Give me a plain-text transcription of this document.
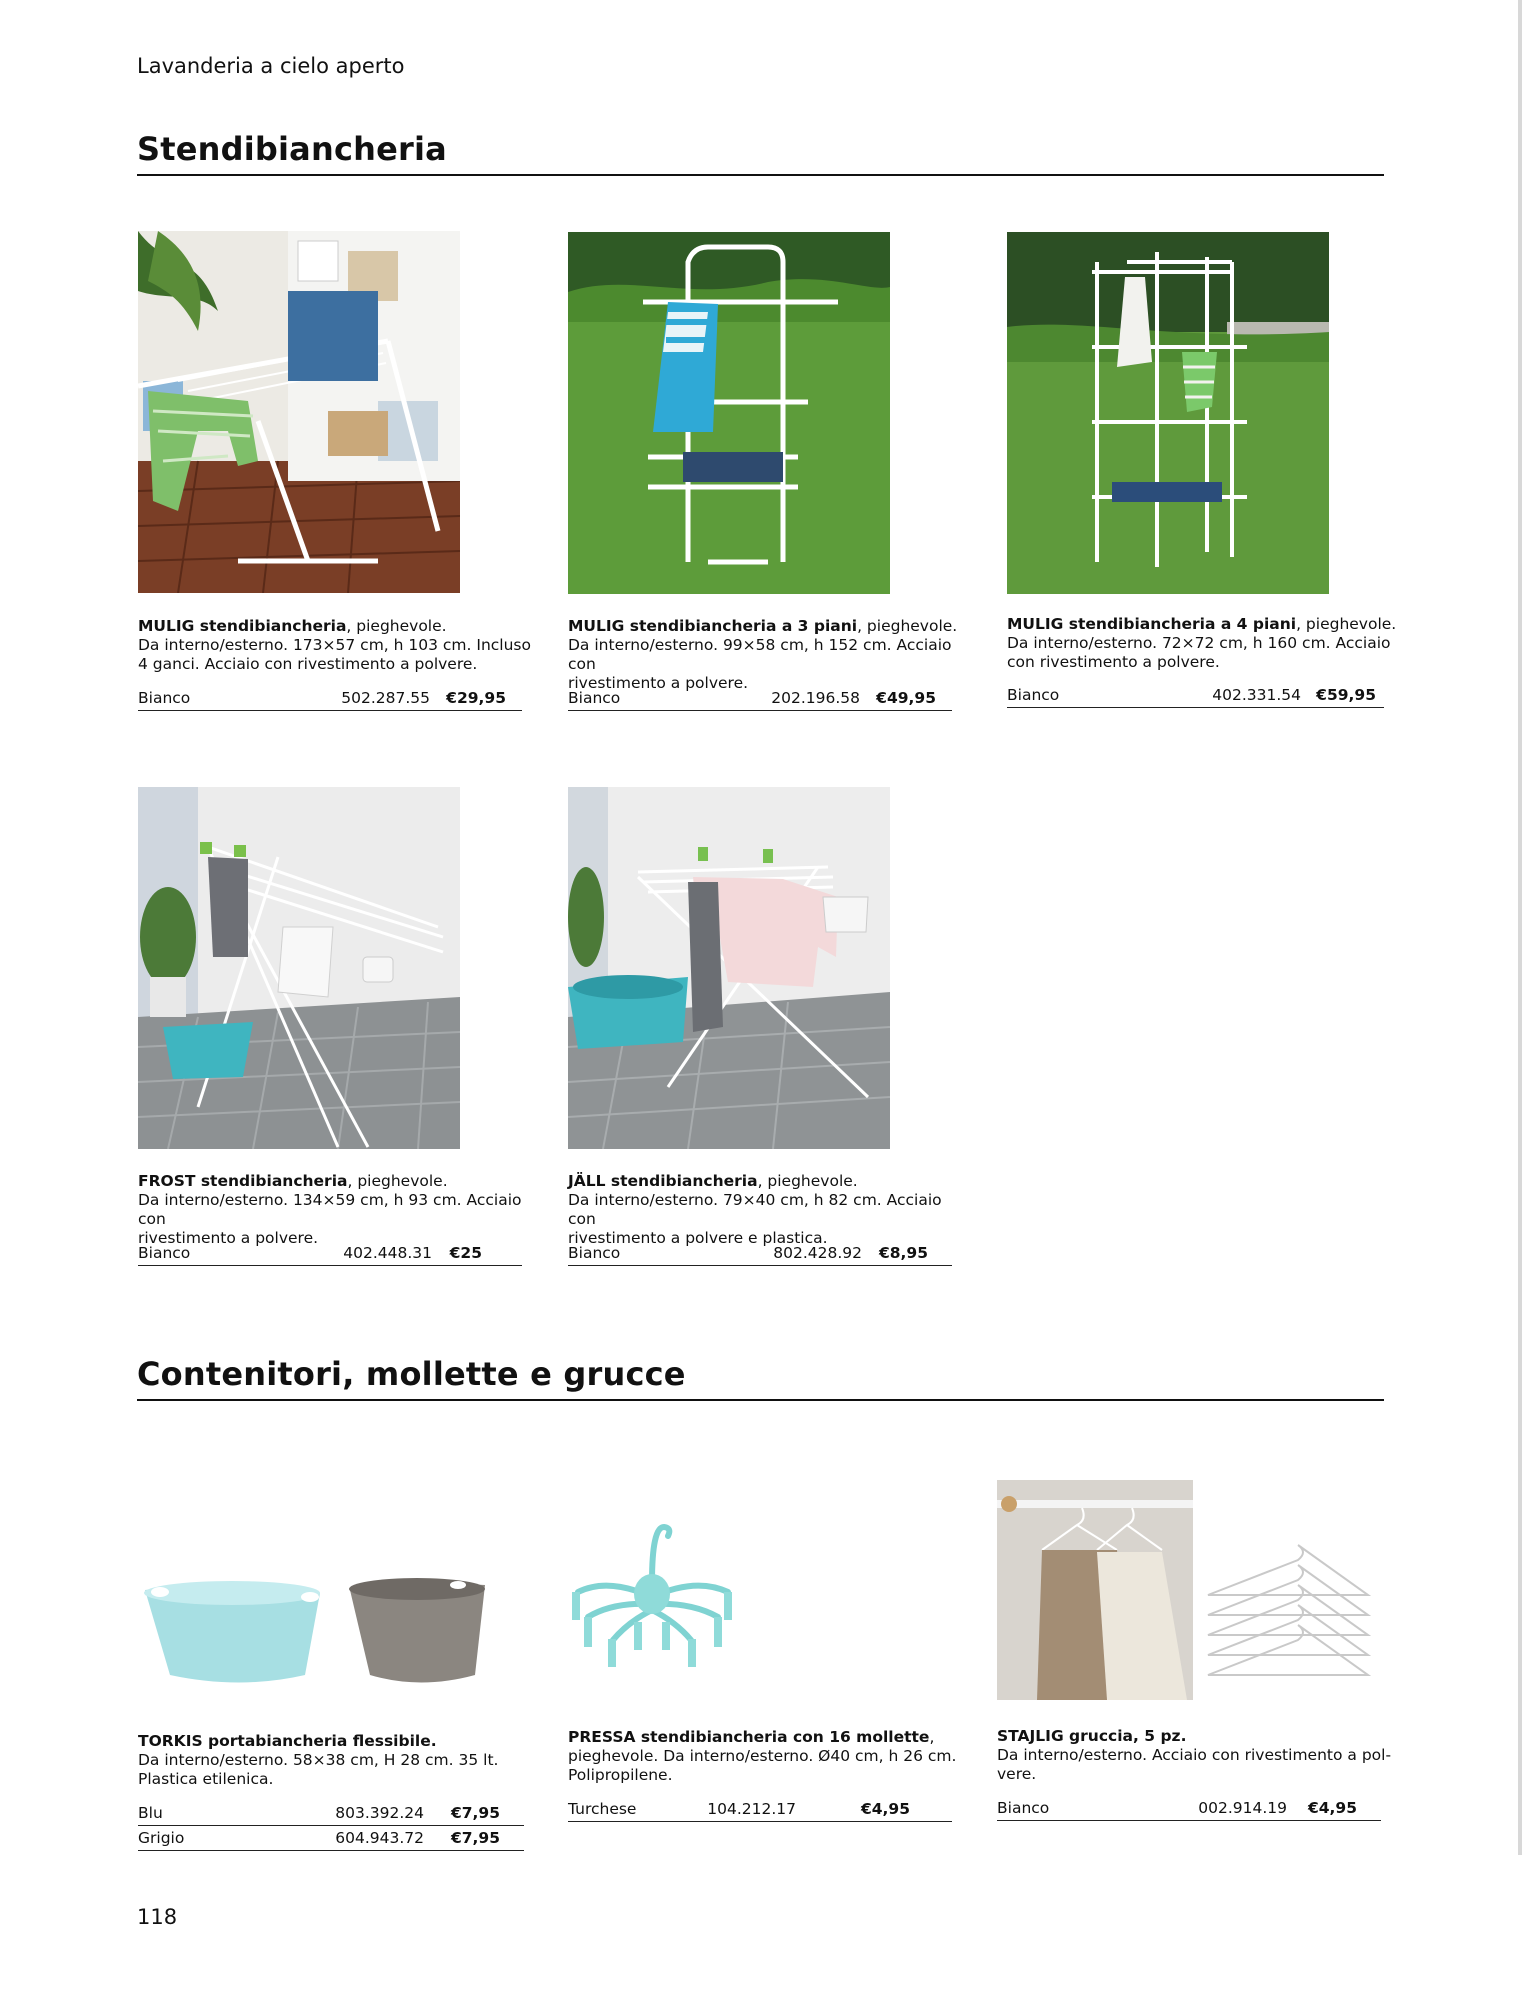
Lavanderia a cielo aperto
Stendibiancheria
MULIG stendibiancheria, pieghevole.
Da interno/esterno. 173×57 cm, h 103 cm. Incluso
4 ganci. Acciaio con rivestimento a polvere.
Bianco	502.287.55 €29,95
MULIG stendibiancheria a 3 piani, pieghevole.
Da interno/esterno. 99×58 cm, h 152 cm. Acciaio con
rivestimento a polvere.
Bianco	202.196.58 €49,95
MULIG stendibiancheria a 4 piani, pieghevole.
Da interno/esterno. 72×72 cm, h 160 cm. Acciaio
con rivestimento a polvere.
Bianco	402.331.54 €59,95
FROST stendibiancheria, pieghevole.
Da interno/esterno. 134×59 cm, h 93 cm. Acciaio con
rivestimento a polvere.
Bianco	402.448.31 €25
JÄLL stendibiancheria, pieghevole.
Da interno/esterno. 79×40 cm, h 82 cm. Acciaio con
rivestimento a polvere e plastica.
Bianco	802.428.92 €8,95
Contenitori, mollette e grucce
TORKIS portabiancheria flessibile.
Da interno/esterno. 58×38 cm, H 28 cm. 35 lt.
Plastica etilenica.
Blu	803.392.24 €7,95
Grigio	604.943.72 €7,95
PRESSA stendibiancheria con 16 mollette,
pieghevole. Da interno/esterno. Ø40 cm, h 26 cm.
Polipropilene.
Turchese	104.212.17	€4,95
STAJLIG gruccia, 5 pz.
Da interno/esterno. Acciaio con rivestimento a pol-
vere.
Bianco	002.914.19 €4,95
118
